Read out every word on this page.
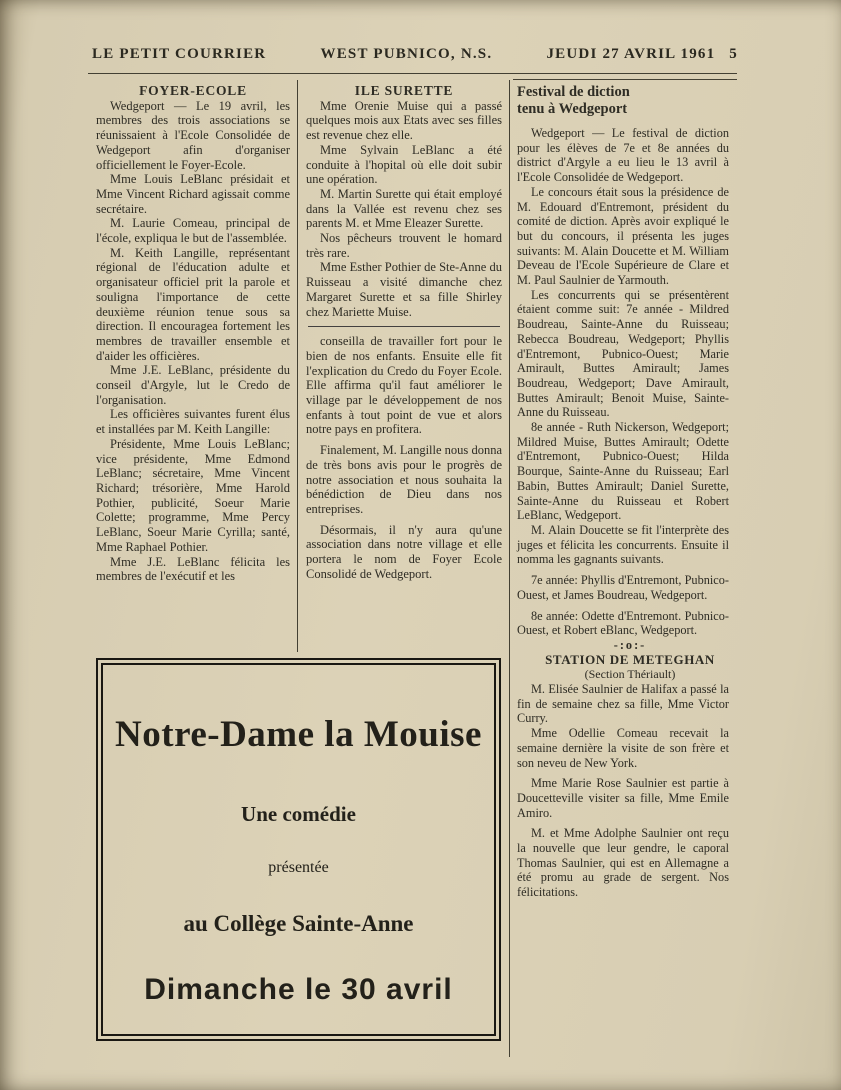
LE PETIT COURRIER	WEST PUBNICO, N.S.	JEUDI 27 AVRIL 1961 5

FOYER-ECOLE

Wedgeport — Le 19 avril, les membres des trois associations se réunissaient à l'Ecole Consolidée de Wedgeport afin d'organiser officiellement le Foyer-Ecole.

Mme Louis LeBlanc présidait et Mme Vincent Richard agissait comme secrétaire.

M. Laurie Comeau, principal de l'école, expliqua le but de l'assemblée.

M. Keith Langille, représentant régional de l'éducation adulte et organisateur officiel prit la parole et souligna l'importance de cette deuxième réunion tenue sous sa direction. Il encouragea fortement les membres de travailler ensemble et d'aider les officières.

Mme J.E. LeBlanc, présidente du conseil d'Argyle, lut le Credo de l'organisation.

Les officières suivantes furent élus et installées par M. Keith Langille:

Présidente, Mme Louis LeBlanc; vice présidente, Mme Edmond LeBlanc; sécretaire, Mme Vincent Richard; trésorière, Mme Harold Pothier, publicité, Soeur Marie Colette; programme, Mme Percy LeBlanc, Soeur Marie Cyrilla; santé, Mme Raphael Pothier.

Mme J.E. LeBlanc félicita les membres de l'exécutif et les

ILE SURETTE

Mme Orenie Muise qui a passé quelques mois aux Etats avec ses filles est revenue chez elle.

Mme Sylvain LeBlanc a été conduite à l'hopital où elle doit subir une opération.

M. Martin Surette qui était employé dans la Vallée est revenu chez ses parents M. et Mme Eleazer Surette.

Nos pêcheurs trouvent le homard très rare.

Mme Esther Pothier de Ste-Anne du Ruisseau a visité dimanche chez Margaret Surette et sa fille Shirley chez Mariette Muise.

conseilla de travailler fort pour le bien de nos enfants. Ensuite elle fit l'explication du Credo du Foyer Ecole. Elle affirma qu'il faut améliorer le village par le développement de nos enfants à tout point de vue et alors notre pays en profitera.

Finalement, M. Langille nous donna de très bons avis pour le progrès de notre association et nous souhaita la bénédiction de Dieu dans nos entreprises.

Désormais, il n'y aura qu'une association dans notre village et elle portera le nom de Foyer Ecole Consolidé de Wedgeport.

Festival de diction
tenu à Wedgeport

Wedgeport — Le festival de diction pour les élèves de 7e et 8e années du district d'Argyle a eu lieu le 13 avril à l'Ecole Consolidée de Wedgeport.

Le concours était sous la présidence de M. Edouard d'Entremont, président du comité de diction. Après avoir expliqué le but du concours, il présenta les juges suivants: M. Alain Doucette et M. William Deveau de l'Ecole Supérieure de Clare et M. Paul Saulnier de Yarmouth.

Les concurrents qui se présentèrent étaient comme suit: 7e année - Mildred Boudreau, Sainte-Anne du Ruisseau; Rebecca Boudreau, Wedgeport; Phyllis d'Entremont, Pubnico-Ouest; Marie Amirault, Buttes Amirault; James Boudreau, Wedgeport; Dave Amirault, Buttes Amirault; Benoit Muise, Sainte-Anne du Ruisseau.

8e année - Ruth Nickerson, Wedgeport; Mildred Muise, Buttes Amirault; Odette d'Entremont, Pubnico-Ouest; Hilda Bourque, Sainte-Anne du Ruisseau; Earl Babin, Buttes Amirault; Daniel Surette, Sainte-Anne du Ruisseau et Robert LeBlanc, Wedgeport.

M. Alain Doucette se fit l'interprète des juges et félicita les concurrents. Ensuite il nomma les gagnants suivants.

7e année: Phyllis d'Entremont, Pubnico-Ouest, et James Boudreau, Wedgeport.

8e année: Odette d'Entremont. Pubnico-Ouest, et Robert eBlanc, Wedgeport.

-:o:-

STATION DE METEGHAN

(Section Thériault)

M. Elisée Saulnier de Halifax a passé la fin de semaine chez sa fille, Mme Victor Curry.

Mme Odellie Comeau recevait la semaine dernière la visite de son frère et son neveu de New York.

Mme Marie Rose Saulnier est partie à Doucetteville visiter sa fille, Mme Emile Amiro.

M. et Mme Adolphe Saulnier ont reçu la nouvelle que leur gendre, le caporal Thomas Saulnier, qui est en Allemagne a été promu au grade de sergent. Nos félicitations.

Notre-Dame la Mouise
Une comédie
présentée
au Collège Sainte-Anne
Dimanche le 30 avril
